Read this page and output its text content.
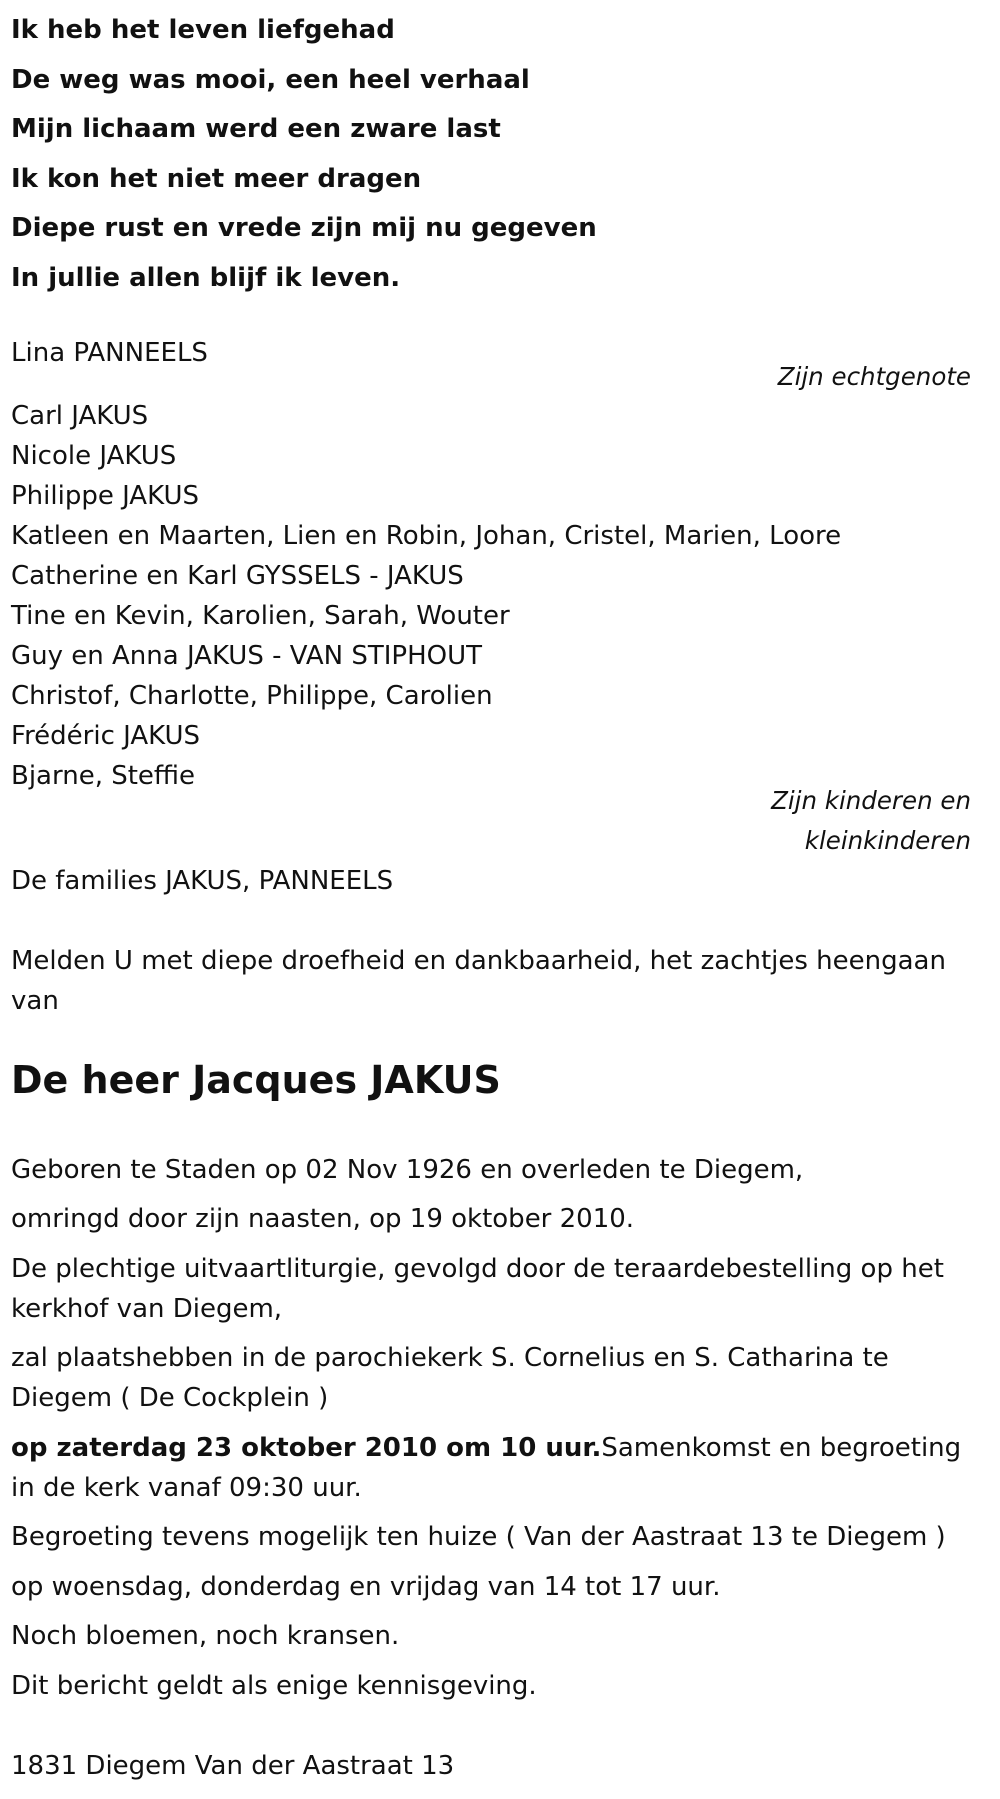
Ik heb het leven liefgehad
De weg was mooi, een heel verhaal
Mijn lichaam werd een zware last
Ik kon het niet meer dragen
Diepe rust en vrede zijn mij nu gegeven
In jullie allen blijf ik leven.
Lina PANNEELS
Zijn echtgenote
Carl JAKUS
Nicole JAKUS
Philippe JAKUS
Katleen en Maarten, Lien en Robin, Johan, Cristel, Marien, Loore
Catherine en Karl GYSSELS - JAKUS
Tine en Kevin, Karolien, Sarah, Wouter
Guy en Anna JAKUS - VAN STIPHOUT
Christof, Charlotte, Philippe, Carolien
Frédéric JAKUS
Bjarne, Steffie
Zijn kinderen en
kleinkinderen
De families JAKUS, PANNEELS
Melden U met diepe droefheid en dankbaarheid, het zachtjes heengaan van
De heer Jacques JAKUS
Geboren te Staden op 02 Nov 1926 en overleden te Diegem,
omringd door zijn naasten, op 19 oktober 2010.
De plechtige uitvaartliturgie, gevolgd door de teraardebestelling op het kerkhof van Diegem,
zal plaatshebben in de parochiekerk S. Cornelius en S. Catharina te Diegem ( De Cockplein )
op zaterdag 23 oktober 2010 om 10 uur.Samenkomst en begroeting in de kerk vanaf 09:30 uur.
Begroeting tevens mogelijk ten huize ( Van der Aastraat 13 te Diegem )
op woensdag, donderdag en vrijdag van 14 tot 17 uur.
Noch bloemen, noch kransen.
Dit bericht geldt als enige kennisgeving.
1831 Diegem Van der Aastraat 13
